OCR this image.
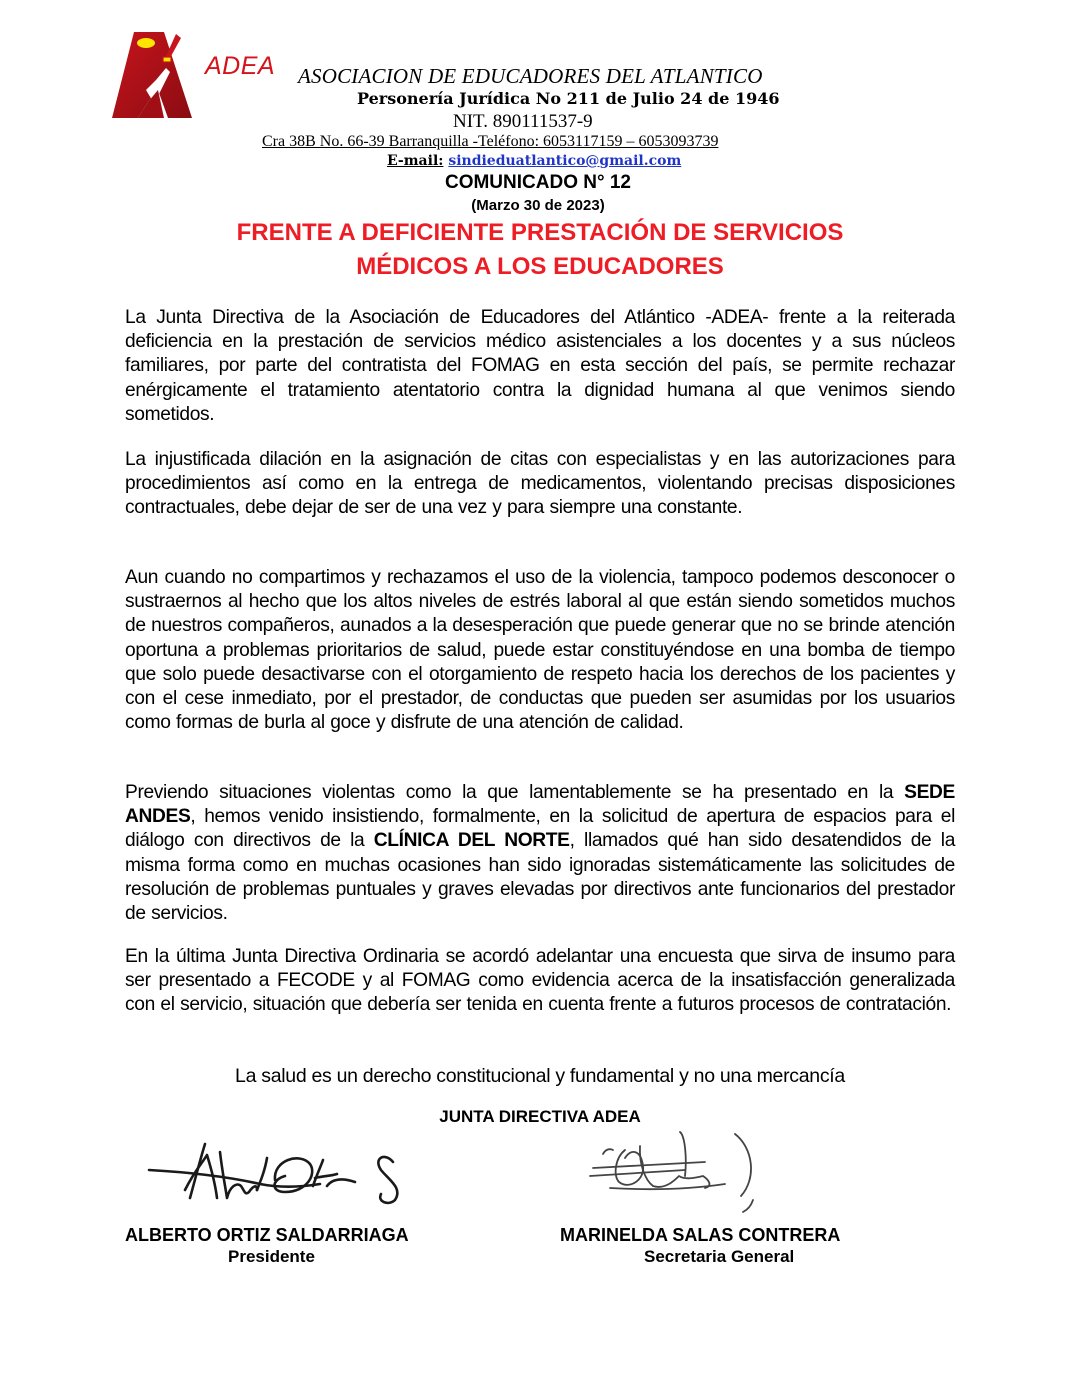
ADEA ASOCIACION DE EDUCADORES DEL ATLANTICO
Personería Jurídica No 211 de Julio 24 de 1946
NIT. 890111537-9
Cra 38B No. 66-39 Barranquilla -Teléfono: 6053117159 – 6053093739
E-mail: sindieduatlantico@gmail.com
COMUNICADO N° 12
(Marzo 30 de 2023)
FRENTE A DEFICIENTE PRESTACIÓN DE SERVICIOS
MÉDICOS A LOS EDUCADORES
La Junta Directiva de la Asociación de Educadores del Atlántico -ADEA- frente a la reiterada deficiencia en la prestación de servicios médico asistenciales a los docentes y a sus núcleos familiares, por parte del contratista del FOMAG en esta sección del país, se permite rechazar enérgicamente el tratamiento atentatorio contra la dignidad humana al que venimos siendo sometidos.
La injustificada dilación en la asignación de citas con especialistas y en las autorizaciones para procedimientos así como en la entrega de medicamentos, violentando precisas disposiciones contractuales, debe dejar de ser de una vez y para siempre una constante.
Aun cuando no compartimos y rechazamos el uso de la violencia, tampoco podemos desconocer o sustraernos al hecho que los altos niveles de estrés laboral al que están siendo sometidos muchos de nuestros compañeros, aunados a la desesperación que puede generar que no se brinde atención oportuna a problemas prioritarios de salud, puede estar constituyéndose en una bomba de tiempo que solo puede desactivarse con el otorgamiento de respeto hacia los derechos de los pacientes y con el cese inmediato, por el prestador, de conductas que pueden ser asumidas por los usuarios como formas de burla al goce y disfrute de una atención de calidad.
Previendo situaciones violentas como la que lamentablemente se ha presentado en la SEDE ANDES, hemos venido insistiendo, formalmente, en la solicitud de apertura de espacios para el diálogo con directivos de la CLÍNICA DEL NORTE, llamados qué han sido desatendidos de la misma forma como en muchas ocasiones han sido ignoradas sistemáticamente las solicitudes de resolución de problemas puntuales y graves elevadas por directivos ante funcionarios del prestador de servicios.
En la última Junta Directiva Ordinaria se acordó adelantar una encuesta que sirva de insumo para ser presentado a FECODE y al FOMAG como evidencia acerca de la insatisfacción generalizada con el servicio, situación que debería ser tenida en cuenta frente a futuros procesos de contratación.
La salud es un derecho constitucional y fundamental y no una mercancía
JUNTA DIRECTIVA ADEA
ALBERTO ORTIZ SALDARRIAGA
Presidente
MARINELDA SALAS CONTRERA
Secretaria General
